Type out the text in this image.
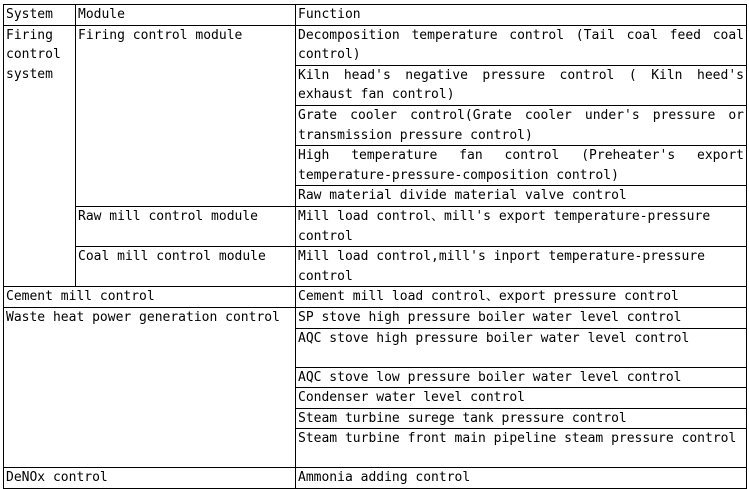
System	Module	Function
Firing control system	Firing control module	Decomposition temperature control (Tail coal feed coal control)
		Kiln head's negative pressure control ( Kiln heed's exhaust fan control)
		Grate cooler control(Grate cooler under's pressure or transmission pressure control)
		High temperature fan control (Preheater's export temperature-pressure-composition control)
		Raw material divide material valve control
	Raw mill control module	Mill load control、mill's export temperature-pressure control
	Coal mill control module	Mill load control,mill's inport temperature-pressure control
Cement mill control		Cement mill load control、export pressure control
Waste heat power generation control		SP stove high pressure boiler water level control
		AQC stove high pressure boiler water level control
		AQC stove low pressure boiler water level control
		Condenser water level control
		Steam turbine surege tank pressure control
		Steam turbine front main pipeline steam pressure control
DeNOx control		Ammonia adding control
